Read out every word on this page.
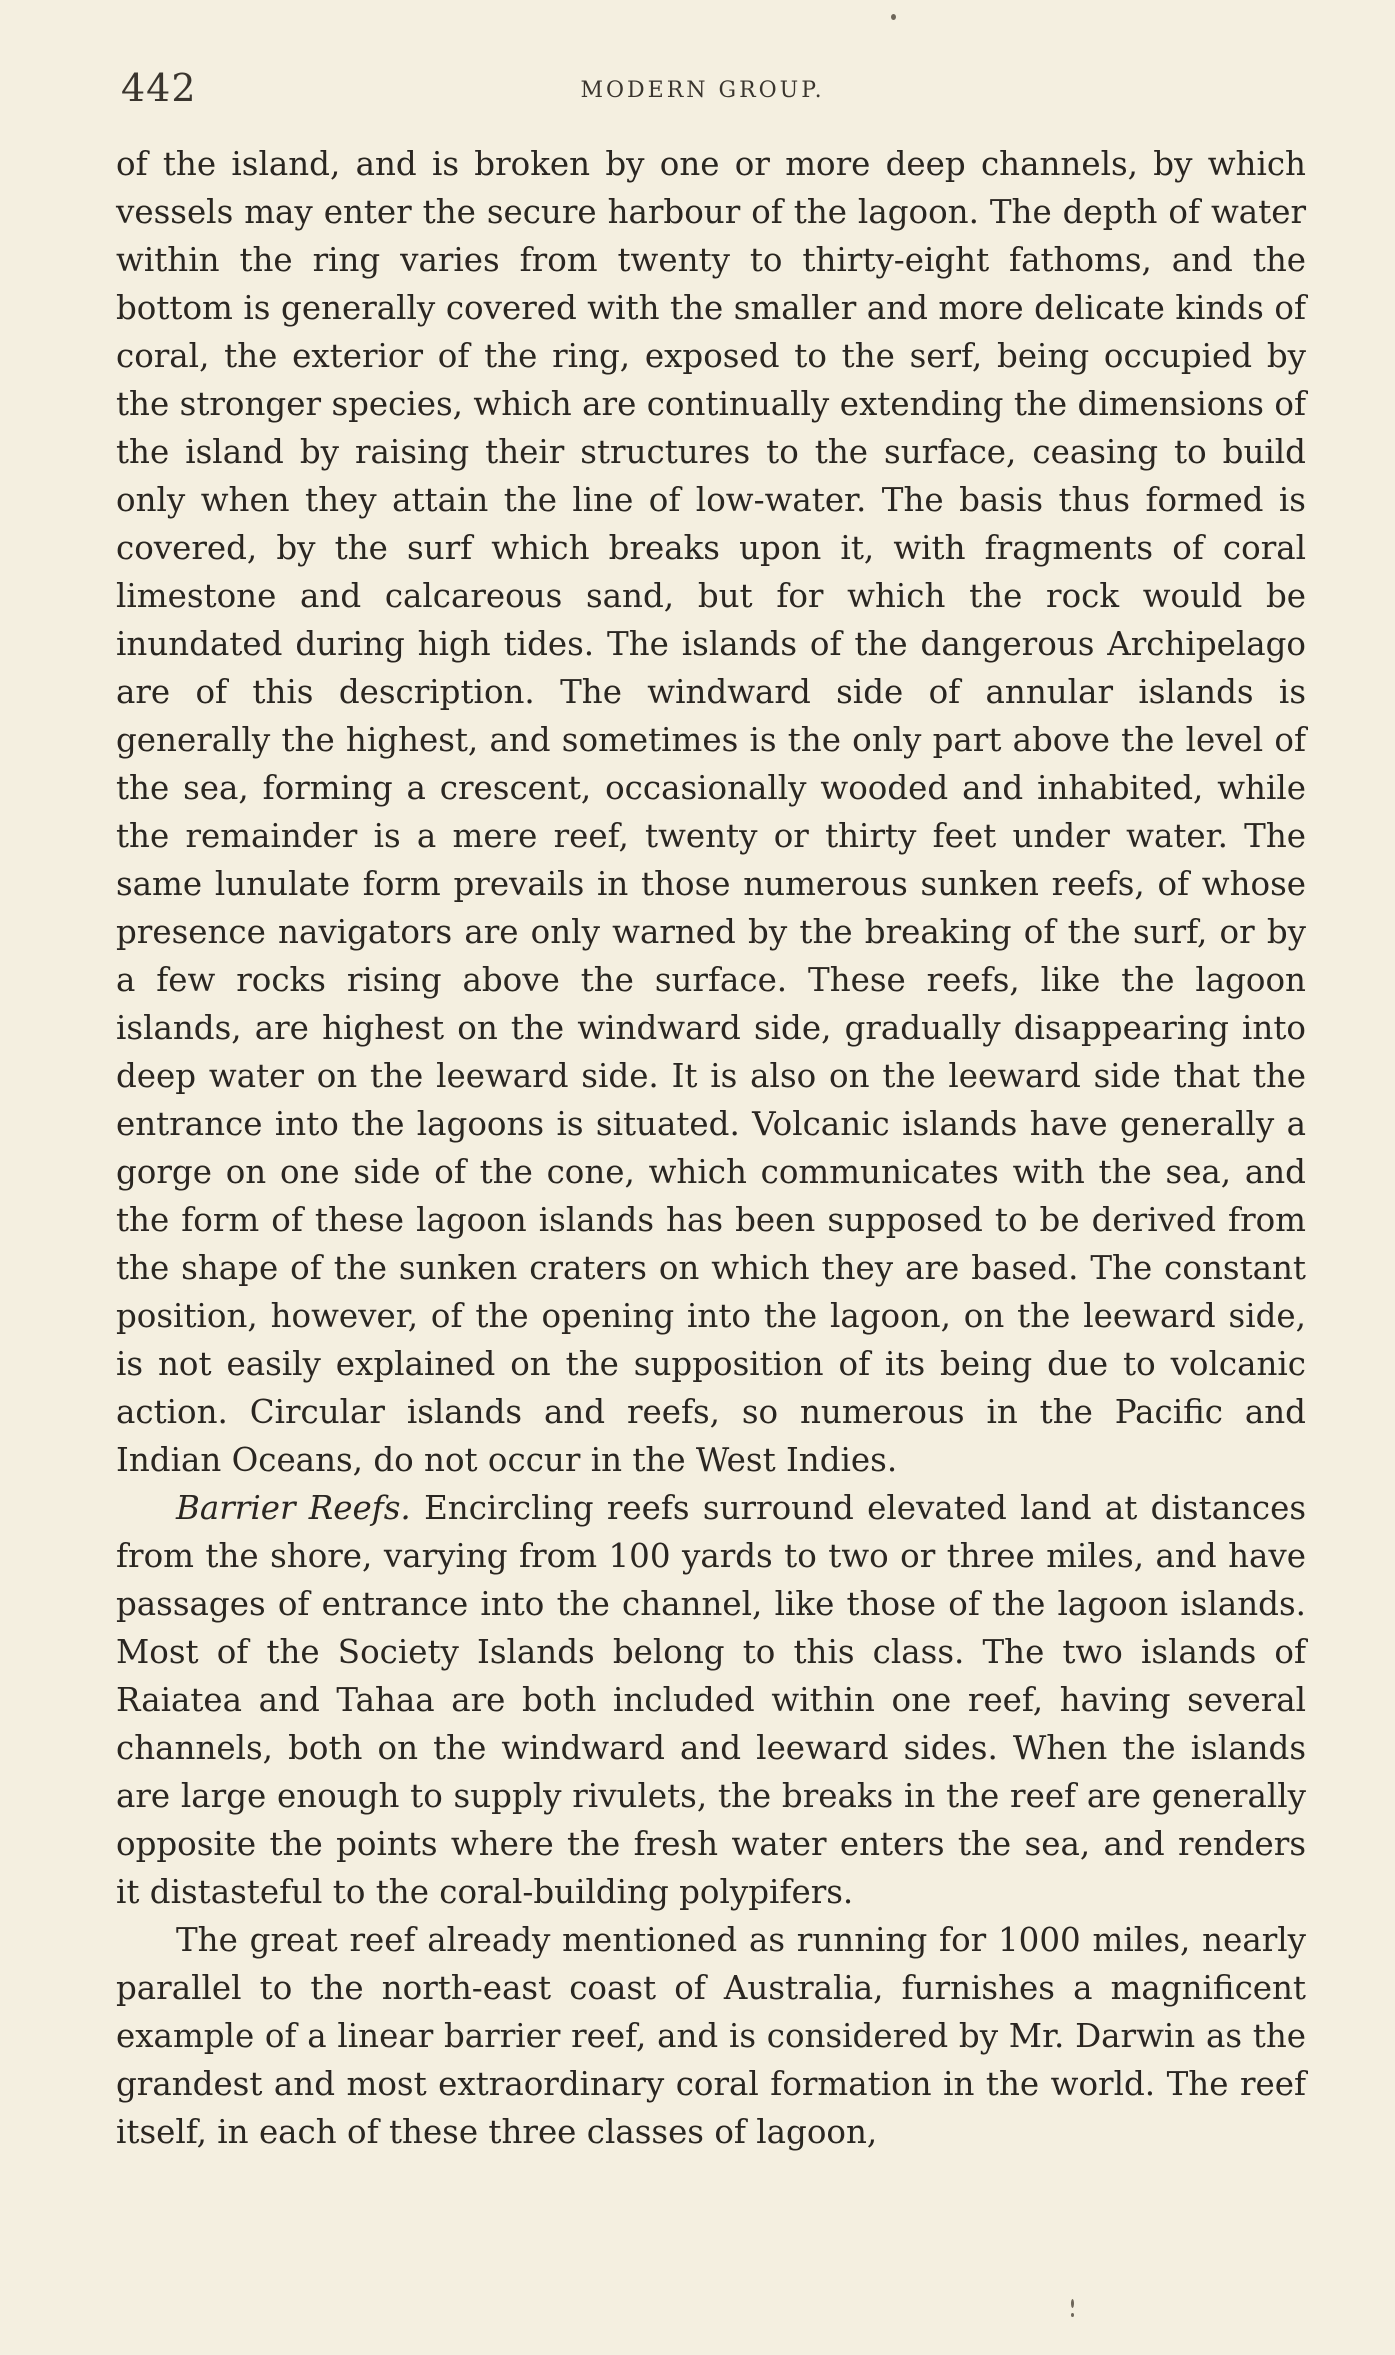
442	MODERN GROUP.

of the island, and is broken by one or more deep channels, by which vessels may enter the secure harbour of the lagoon. The depth of water within the ring varies from twenty to thirty-eight fathoms, and the bottom is generally covered with the smaller and more delicate kinds of coral, the exterior of the ring, exposed to the serf, being occupied by the stronger species, which are continually extending the dimensions of the island by raising their structures to the surface, ceasing to build only when they attain the line of low-water. The basis thus formed is covered, by the surf which breaks upon it, with fragments of coral limestone and calcareous sand, but for which the rock would be inundated during high tides. The islands of the dangerous Archipelago are of this description. The windward side of annular islands is generally the highest, and sometimes is the only part above the level of the sea, forming a crescent, occasionally wooded and inhabited, while the remainder is a mere reef, twenty or thirty feet under water. The same lunulate form prevails in those numerous sunken reefs, of whose presence navigators are only warned by the breaking of the surf, or by a few rocks rising above the surface. These reefs, like the lagoon islands, are highest on the windward side, gradually disappearing into deep water on the leeward side. It is also on the leeward side that the entrance into the lagoons is situated. Volcanic islands have generally a gorge on one side of the cone, which communicates with the sea, and the form of these lagoon islands has been supposed to be derived from the shape of the sunken craters on which they are based. The constant position, however, of the opening into the lagoon, on the leeward side, is not easily explained on the supposition of its being due to volcanic action. Circular islands and reefs, so numerous in the Pacific and Indian Oceans, do not occur in the West Indies.

Barrier Reefs. Encircling reefs surround elevated land at distances from the shore, varying from 100 yards to two or three miles, and have passages of entrance into the channel, like those of the lagoon islands. Most of the Society Islands belong to this class. The two islands of Raiatea and Tahaa are both included within one reef, having several channels, both on the windward and leeward sides. When the islands are large enough to supply rivulets, the breaks in the reef are generally opposite the points where the fresh water enters the sea, and renders it distasteful to the coral-building polypifers.

The great reef already mentioned as running for 1000 miles, nearly parallel to the north-east coast of Australia, furnishes a magnificent example of a linear barrier reef, and is considered by Mr. Darwin as the grandest and most extraordinary coral formation in the world. The reef itself, in each of these three classes of lagoon,
